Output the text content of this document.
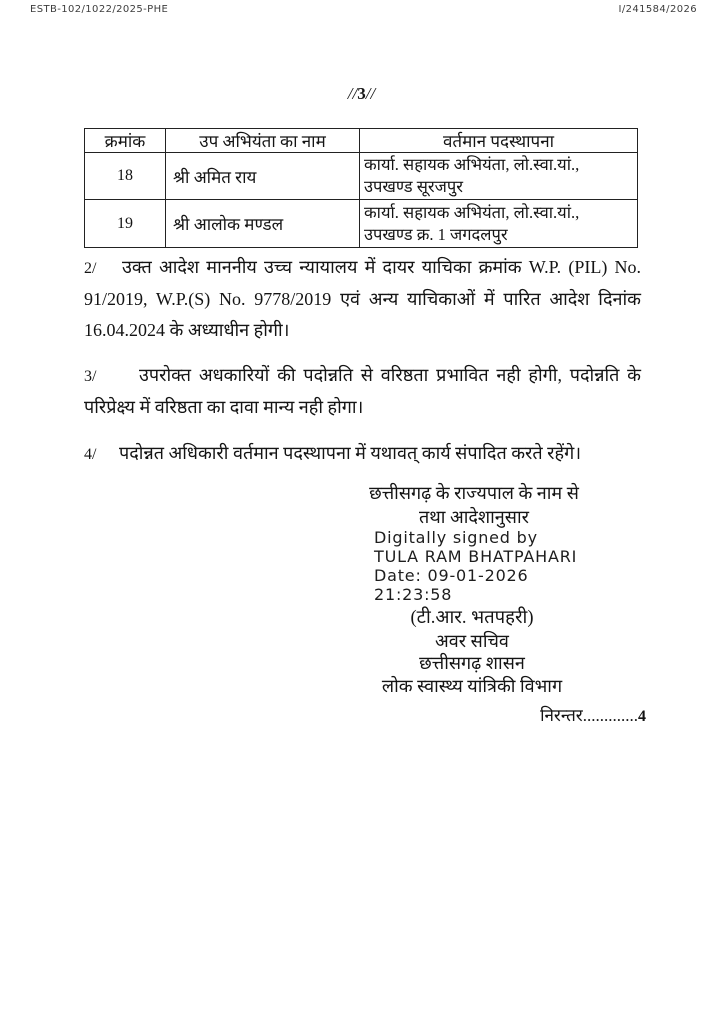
ESTB-102/1022/2025-PHE	I/241584/2026
//3//
क्रमांक	उप अभियंता का नाम	वर्तमान पदस्थापना
18	श्री अमित राय	कार्या. सहायक अभियंता, लो.स्वा.यां.,
उपखण्ड सूरजपुर

19	श्री आलोक मण्डल	कार्या. सहायक अभियंता, लो.स्वा.यां.,
उपखण्ड क्र. 1 जगदलपुर

2/ उक्त आदेश माननीय उच्च न्यायालय में दायर याचिका क्रमांक W.P. (PIL) No. 91/2019, W.P.(S) No. 9778/2019 एवं अन्य याचिकाओं में पारित आदेश दिनांक 16.04.2024 के अध्याधीन होगी।

3/ उपरोक्त अधकारियों की पदोन्नति से वरिष्ठता प्रभावित नही होगी, पदोन्नति के परिप्रेक्ष्य में वरिष्ठता का दावा मान्य नही होगा।

4/ पदोन्नत अधिकारी वर्तमान पदस्थापना में यथावत् कार्य संपादित करते रहेंगे।

छत्तीसगढ़ के राज्यपाल के नाम से
तथा आदेशानुसार
Digitally signed by
TULA RAM BHATPAHARI
Date: 09-01-2026
21:23:58
(टी.आर. भतपहरी)
अवर सचिव
छत्तीसगढ़ शासन
लोक स्वास्थ्य यांत्रिकी विभाग
निरन्तर.............4
